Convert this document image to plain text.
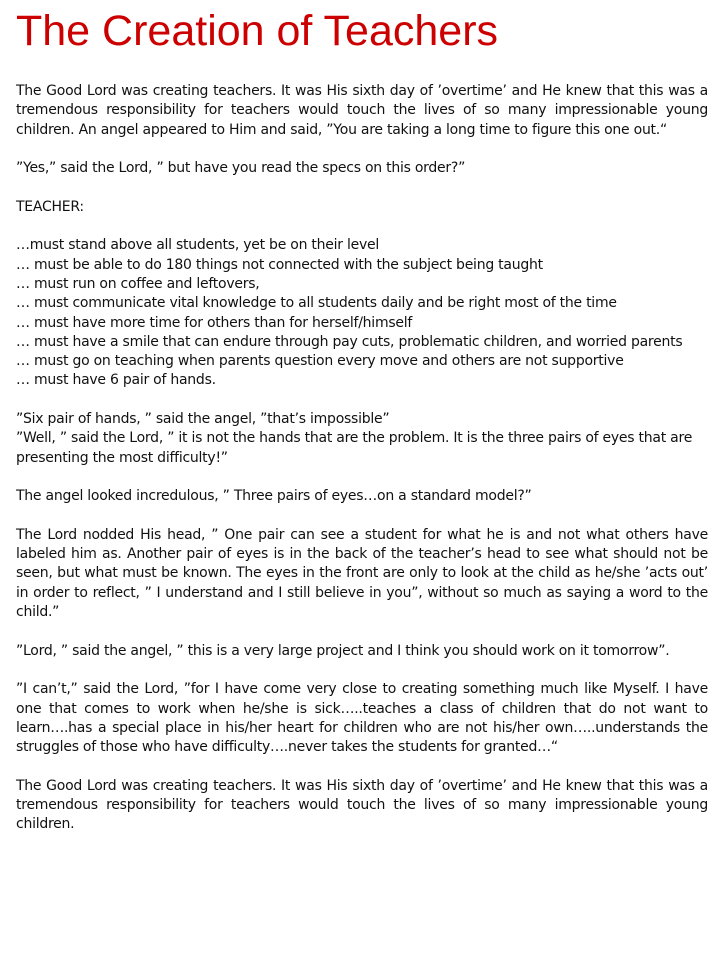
The Creation of Teachers

The Good Lord was creating teachers. It was His sixth day of ’overtime’ and He knew that this was a tremendous responsibility for teachers would touch the lives of so many impressionable young children. An angel appeared to Him and said, ”You are taking a long time to figure this one out.“

”Yes,” said the Lord, ” but have you read the specs on this order?”

TEACHER:

…must stand above all students, yet be on their level
… must be able to do 180 things not connected with the subject being taught
… must run on coffee and leftovers,
… must communicate vital knowledge to all students daily and be right most of the time
… must have more time for others than for herself/himself
… must have a smile that can endure through pay cuts, problematic children, and worried parents
… must go on teaching when parents question every move and others are not supportive
… must have 6 pair of hands.
”Six pair of hands, ” said the angel, ”that’s impossible”
”Well, ” said the Lord, ” it is not the hands that are the problem. It is the three pairs of eyes that are presenting the most difficulty!”

The angel looked incredulous, ” Three pairs of eyes…on a standard model?”

The Lord nodded His head, ” One pair can see a student for what he is and not what others have labeled him as. Another pair of eyes is in the back of the teacher’s head to see what should not be seen, but what must be known. The eyes in the front are only to look at the child as he/she ’acts out’ in order to reflect, ” I understand and I still believe in you”, without so much as saying a word to the child.”

”Lord, ” said the angel, ” this is a very large project and I think you should work on it tomorrow”.

”I can’t,” said the Lord, ”for I have come very close to creating something much like Myself. I have one that comes to work when he/she is sick…..teaches a class of children that do not want to learn….has a special place in his/her heart for children who are not his/her own…..understands the struggles of those who have difficulty….never takes the students for granted…“

The Good Lord was creating teachers. It was His sixth day of ’overtime’ and He knew that this was a tremendous responsibility for teachers would touch the lives of so many impressionable young children.
